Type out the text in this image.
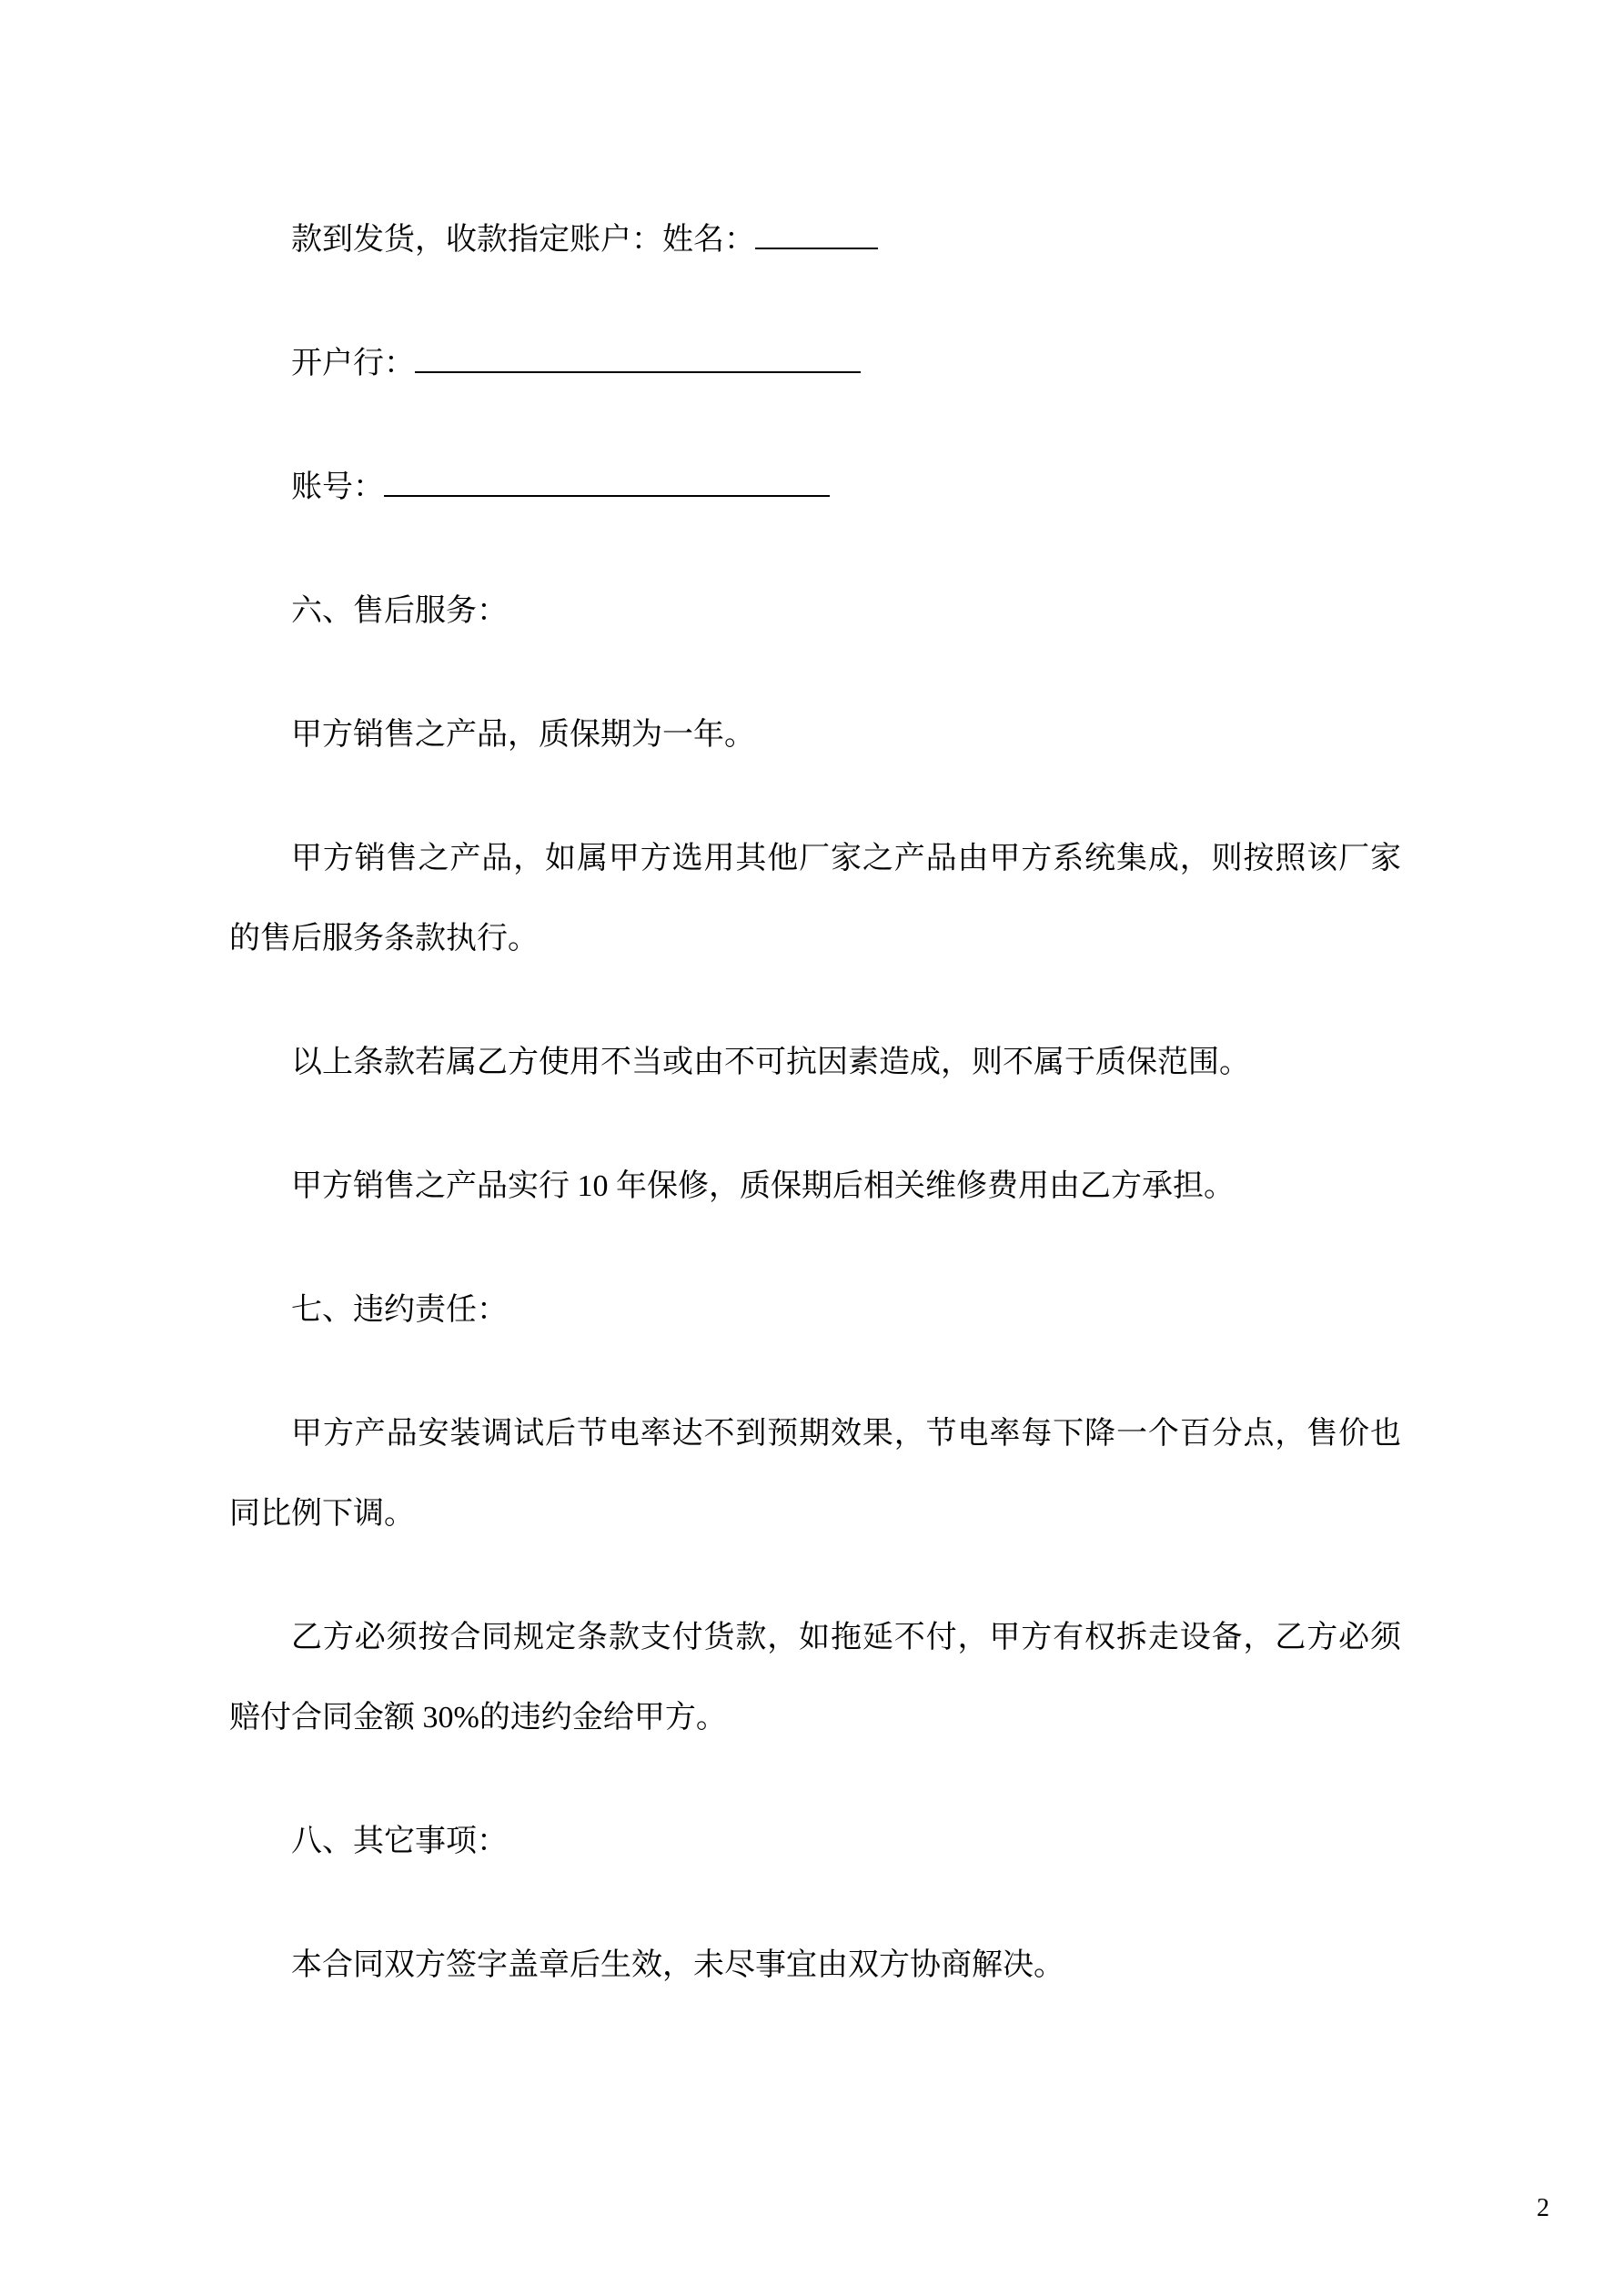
款到发货，收款指定账户：姓名：

开户行：

账号：

六、售后服务：

甲方销售之产品，质保期为一年。

甲方销售之产品，如属甲方选用其他厂家之产品由甲方系统集成，则按照该厂家的售后服务条款执行。

以上条款若属乙方使用不当或由不可抗因素造成，则不属于质保范围。

甲方销售之产品实行 10 年保修，质保期后相关维修费用由乙方承担。

七、违约责任：

甲方产品安装调试后节电率达不到预期效果，节电率每下降一个百分点，售价也同比例下调。

乙方必须按合同规定条款支付货款，如拖延不付，甲方有权拆走设备，乙方必须赔付合同金额 30%的违约金给甲方。

八、其它事项：

本合同双方签字盖章后生效，未尽事宜由双方协商解决。

2
